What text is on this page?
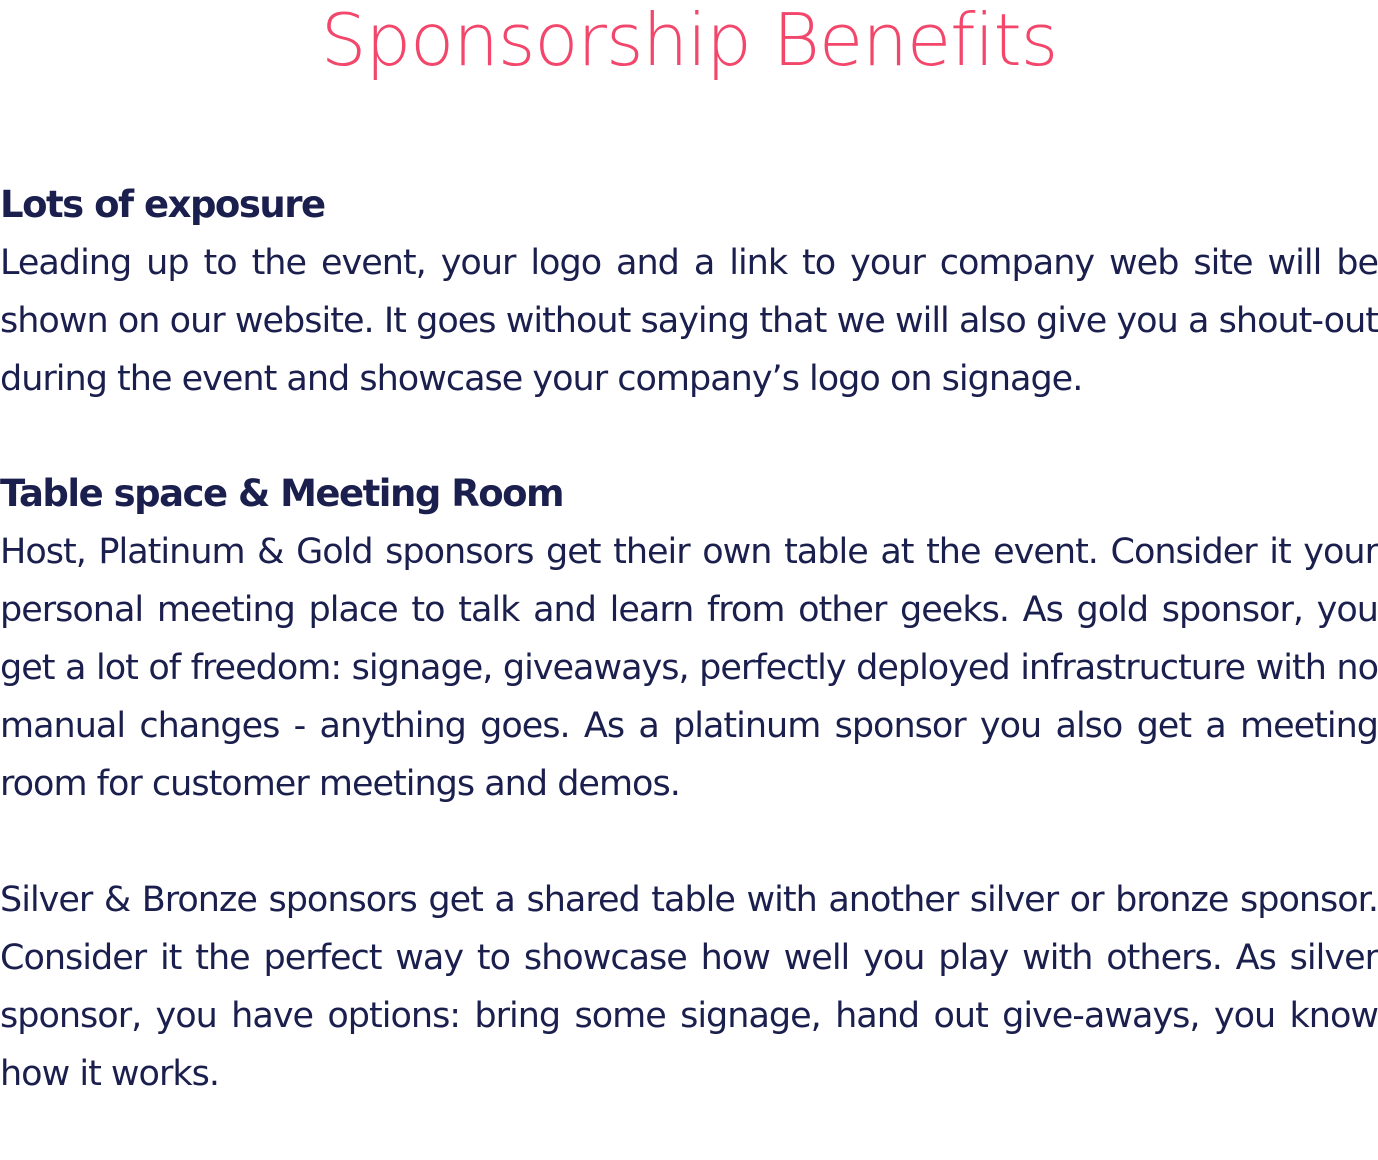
Sponsorship Benefits

Lots of exposure

Leading up to the event, your logo and a link to your company web site will be shown on our website. It goes without saying that we will also give you a shout-out during the event and showcase your company’s logo on signage.

Table space & Meeting Room

Host, Platinum & Gold sponsors get their own table at the event. Consider it your personal meeting place to talk and learn from other geeks. As gold sponsor, you get a lot of freedom: signage, giveaways, perfectly deployed infrastructure with no manual changes - anything goes. As a platinum sponsor you also get a meeting room for customer meetings and demos.

Silver & Bronze sponsors get a shared table with another silver or bronze sponsor. Consider it the perfect way to showcase how well you play with others. As silver sponsor, you have options: bring some signage, hand out give-aways, you know how it works.
